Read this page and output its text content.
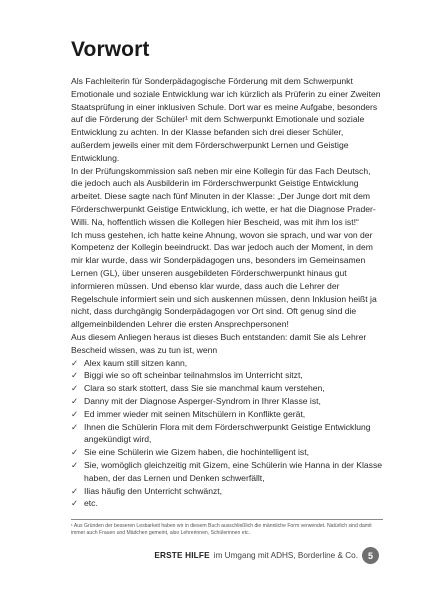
Vorwort

Als Fachleiterin für Sonderpädagogische Förderung mit dem Schwerpunkt Emotionale und soziale Entwicklung war ich kürzlich als Prüferin zu einer Zweiten Staatsprüfung in einer inklusiven Schule. Dort war es meine Aufgabe, besonders auf die Förderung der Schüler¹ mit dem Schwerpunkt Emotionale und soziale Entwicklung zu achten. In der Klasse befanden sich drei dieser Schüler, außerdem jeweils einer mit dem Förderschwerpunkt Lernen und Geistige Entwicklung.

In der Prüfungskommission saß neben mir eine Kollegin für das Fach Deutsch, die jedoch auch als Ausbilderin im Förderschwerpunkt Geistige Entwicklung arbeitet. Diese sagte nach fünf Minuten in der Klasse: „Der Junge dort mit dem Förderschwerpunkt Geistige Entwicklung, ich wette, er hat die Diagnose Prader-Willi. Na, hoffentlich wissen die Kollegen hier Bescheid, was mit ihm los ist!“

Ich muss gestehen, ich hatte keine Ahnung, wovon sie sprach, und war von der Kompetenz der Kollegin beeindruckt. Das war jedoch auch der Moment, in dem mir klar wurde, dass wir Sonderpädagogen uns, besonders im Gemeinsamen Lernen (GL), über unseren ausgebildeten Förderschwerpunkt hinaus gut informieren müssen. Und ebenso klar wurde, dass auch die Lehrer der Regelschule informiert sein und sich auskennen müssen, denn Inklusion heißt ja nicht, dass durchgängig Sonderpädagogen vor Ort sind. Oft genug sind die allgemeinbildenden Lehrer die ersten Ansprechpersonen!

Aus diesem Anliegen heraus ist dieses Buch entstanden: damit Sie als Lehrer Bescheid wissen, was zu tun ist, wenn

✓ Alex kaum still sitzen kann,
✓ Biggi wie so oft scheinbar teilnahmslos im Unterricht sitzt,
✓ Clara so stark stottert, dass Sie sie manchmal kaum verstehen,
✓ Danny mit der Diagnose Asperger-Syndrom in Ihrer Klasse ist,
✓ Ed immer wieder mit seinen Mitschülern in Konflikte gerät,
✓ Ihnen die Schülerin Flora mit dem Förderschwerpunkt Geistige Entwicklung angekündigt wird,
✓ Sie eine Schülerin wie Gizem haben, die hochintelligent ist,
✓ Sie, womöglich gleichzeitig mit Gizem, eine Schülerin wie Hanna in der Klasse haben, der das Lernen und Denken schwerfällt,
✓ Ilias häufig den Unterricht schwänzt,
✓ etc.
¹ Aus Gründen der besseren Lesbarkeit haben wir in diesem Buch ausschließlich die männliche Form verwendet. Natürlich sind damit immer auch Frauen und Mädchen gemeint, also Lehrerinnen, Schülerinnen etc.
ERSTE HILFE im Umgang mit ADHS, Borderline & Co.	5
